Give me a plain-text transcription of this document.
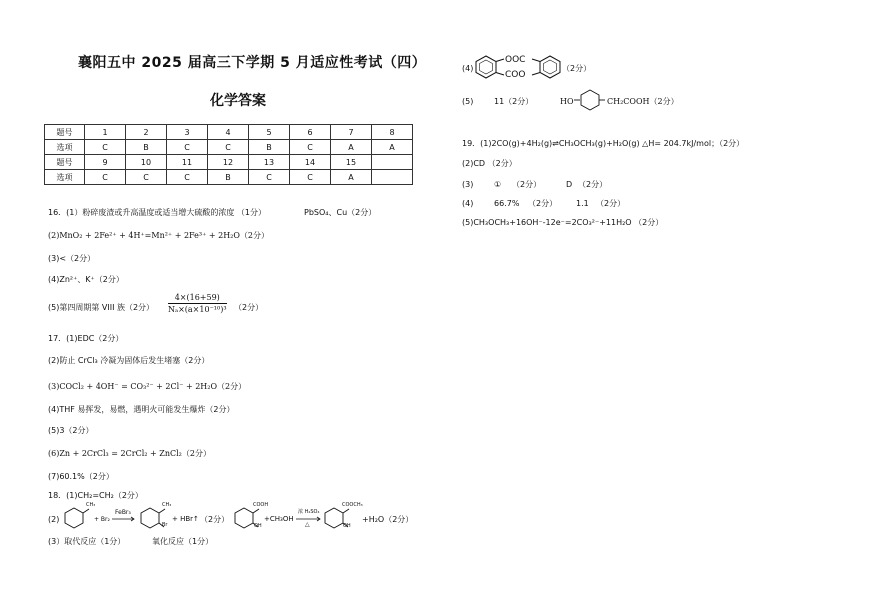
襄阳五中 2025 届高三下学期 5 月适应性考试（四）
化学答案
题号	1	2	3	4	5	6	7	8
选项	C	B	C	C	B	C	A	A
题号	9	10	11	12	13	14	15	
选项	C	C	C	B	C	C	A	
16．(1）粉碎废渣或升高温度或适当增大硫酸的浓度 （1分）	PbSO₄、Cu（2分）
(2)MnO₂ + 2Fe²⁺ + 4H⁺=Mn²⁺ + 2Fe³⁺ + 2H₂O（2分）
(3)<（2分）
(4)Zn²⁺、K⁺（2分）
(5)第四周期第 VIII 族（2分） $\frac{4\times(16+59)}{\text{Nₐ×(a×10⁻¹⁰)³}} (2$分）
17．(1)EDC（2分）
(2)防止 CrCl₃ 冷凝为固体后发生堵塞（2分）
(3)COCl₂ + 4OH⁻ = CO₃²⁻ + 2Cl⁻ + 2H₂O（2分）
(4)THF 易挥发，易燃，遇明火可能发生爆炸（2分）
(5)3（2分）
(6)Zn + 2CrCl₃ = 2CrCl₂ + ZnCl₂（2分）
(7)60.1%（2分）
18．(1)CH₂=CH₂（2分）
(2)
CH₃
+ Br₂
FeBr₃
CH₃
Br
+ HBr↑ （2分）
COOH
OH
+CH₃OH
浓 H₂SO₄
△
COOCH₃
OH
+H₂O（2分）
(3）取代反应（1分）	氧化反应（1分）
(4)
OOC
COO
（2分）
(5)	11（2分）	HO	CH₂COOH（2分）
19．(1)2CO(g)+4H₂(g)⇌CH₃OCH₃(g)+H₂O(g) △H= 204.7kJ/mol；（2分）
(2)CD （2分）
(3)	① （2分）	D （2分）
(4)	66.7% （2分） 1.1 （2分）
(5)CH₃OCH₃+16OH⁻-12e⁻=2CO₃²⁻+11H₂O （2分）
